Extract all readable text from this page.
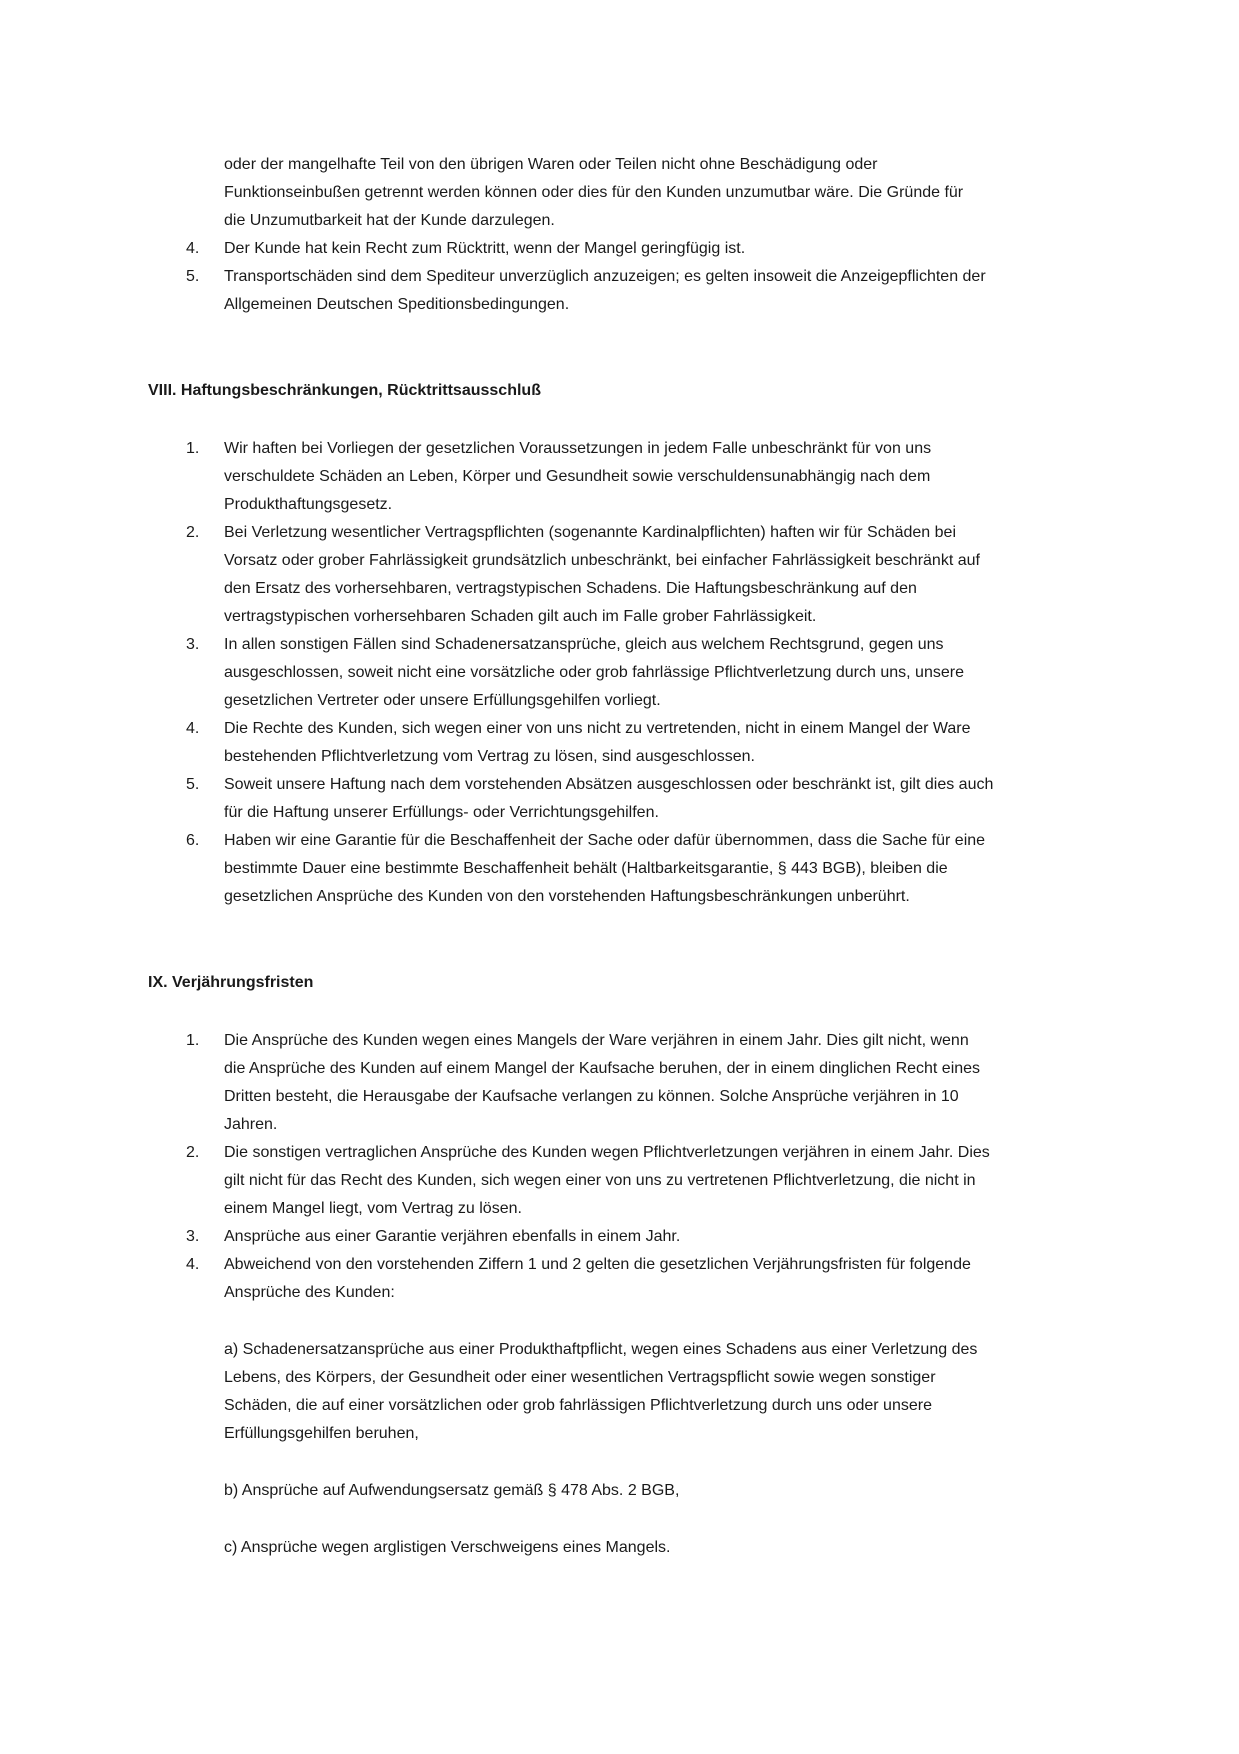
oder der mangelhafte Teil von den übrigen Waren oder Teilen nicht ohne Beschädigung oder
Funktionseinbußen getrennt werden können oder dies für den Kunden unzumutbar wäre. Die Gründe für
die Unzumutbarkeit hat der Kunde darzulegen.
4. Der Kunde hat kein Recht zum Rücktritt, wenn der Mangel geringfügig ist.
5. Transportschäden sind dem Spediteur unverzüglich anzuzeigen; es gelten insoweit die Anzeigepflichten der
Allgemeinen Deutschen Speditionsbedingungen.
VIII. Haftungsbeschränkungen, Rücktrittsausschluß
1. Wir haften bei Vorliegen der gesetzlichen Voraussetzungen in jedem Falle unbeschränkt für von uns
verschuldete Schäden an Leben, Körper und Gesundheit sowie verschuldensunabhängig nach dem
Produkthaftungsgesetz.
2. Bei Verletzung wesentlicher Vertragspflichten (sogenannte Kardinalpflichten) haften wir für Schäden bei
Vorsatz oder grober Fahrlässigkeit grundsätzlich unbeschränkt, bei einfacher Fahrlässigkeit beschränkt auf
den Ersatz des vorhersehbaren, vertragstypischen Schadens. Die Haftungsbeschränkung auf den
vertragstypischen vorhersehbaren Schaden gilt auch im Falle grober Fahrlässigkeit.
3. In allen sonstigen Fällen sind Schadenersatzansprüche, gleich aus welchem Rechtsgrund, gegen uns
ausgeschlossen, soweit nicht eine vorsätzliche oder grob fahrlässige Pflichtverletzung durch uns, unsere
gesetzlichen Vertreter oder unsere Erfüllungsgehilfen vorliegt.
4. Die Rechte des Kunden, sich wegen einer von uns nicht zu vertretenden, nicht in einem Mangel der Ware
bestehenden Pflichtverletzung vom Vertrag zu lösen, sind ausgeschlossen.
5. Soweit unsere Haftung nach dem vorstehenden Absätzen ausgeschlossen oder beschränkt ist, gilt dies auch
für die Haftung unserer Erfüllungs- oder Verrichtungsgehilfen.
6. Haben wir eine Garantie für die Beschaffenheit der Sache oder dafür übernommen, dass die Sache für eine
bestimmte Dauer eine bestimmte Beschaffenheit behält (Haltbarkeitsgarantie, § 443 BGB), bleiben die
gesetzlichen Ansprüche des Kunden von den vorstehenden Haftungsbeschränkungen unberührt.
IX. Verjährungsfristen
1. Die Ansprüche des Kunden wegen eines Mangels der Ware verjähren in einem Jahr. Dies gilt nicht, wenn
die Ansprüche des Kunden auf einem Mangel der Kaufsache beruhen, der in einem dinglichen Recht eines
Dritten besteht, die Herausgabe der Kaufsache verlangen zu können. Solche Ansprüche verjähren in 10
Jahren.
2. Die sonstigen vertraglichen Ansprüche des Kunden wegen Pflichtverletzungen verjähren in einem Jahr. Dies
gilt nicht für das Recht des Kunden, sich wegen einer von uns zu vertretenen Pflichtverletzung, die nicht in
einem Mangel liegt, vom Vertrag zu lösen.
3. Ansprüche aus einer Garantie verjähren ebenfalls in einem Jahr.
4. Abweichend von den vorstehenden Ziffern 1 und 2 gelten die gesetzlichen Verjährungsfristen für folgende
Ansprüche des Kunden:
a) Schadenersatzansprüche aus einer Produkthaftpflicht, wegen eines Schadens aus einer Verletzung des
Lebens, des Körpers, der Gesundheit oder einer wesentlichen Vertragspflicht sowie wegen sonstiger
Schäden, die auf einer vorsätzlichen oder grob fahrlässigen Pflichtverletzung durch uns oder unsere
Erfüllungsgehilfen beruhen,
b) Ansprüche auf Aufwendungsersatz gemäß § 478 Abs. 2 BGB,
c) Ansprüche wegen arglistigen Verschweigens eines Mangels.
